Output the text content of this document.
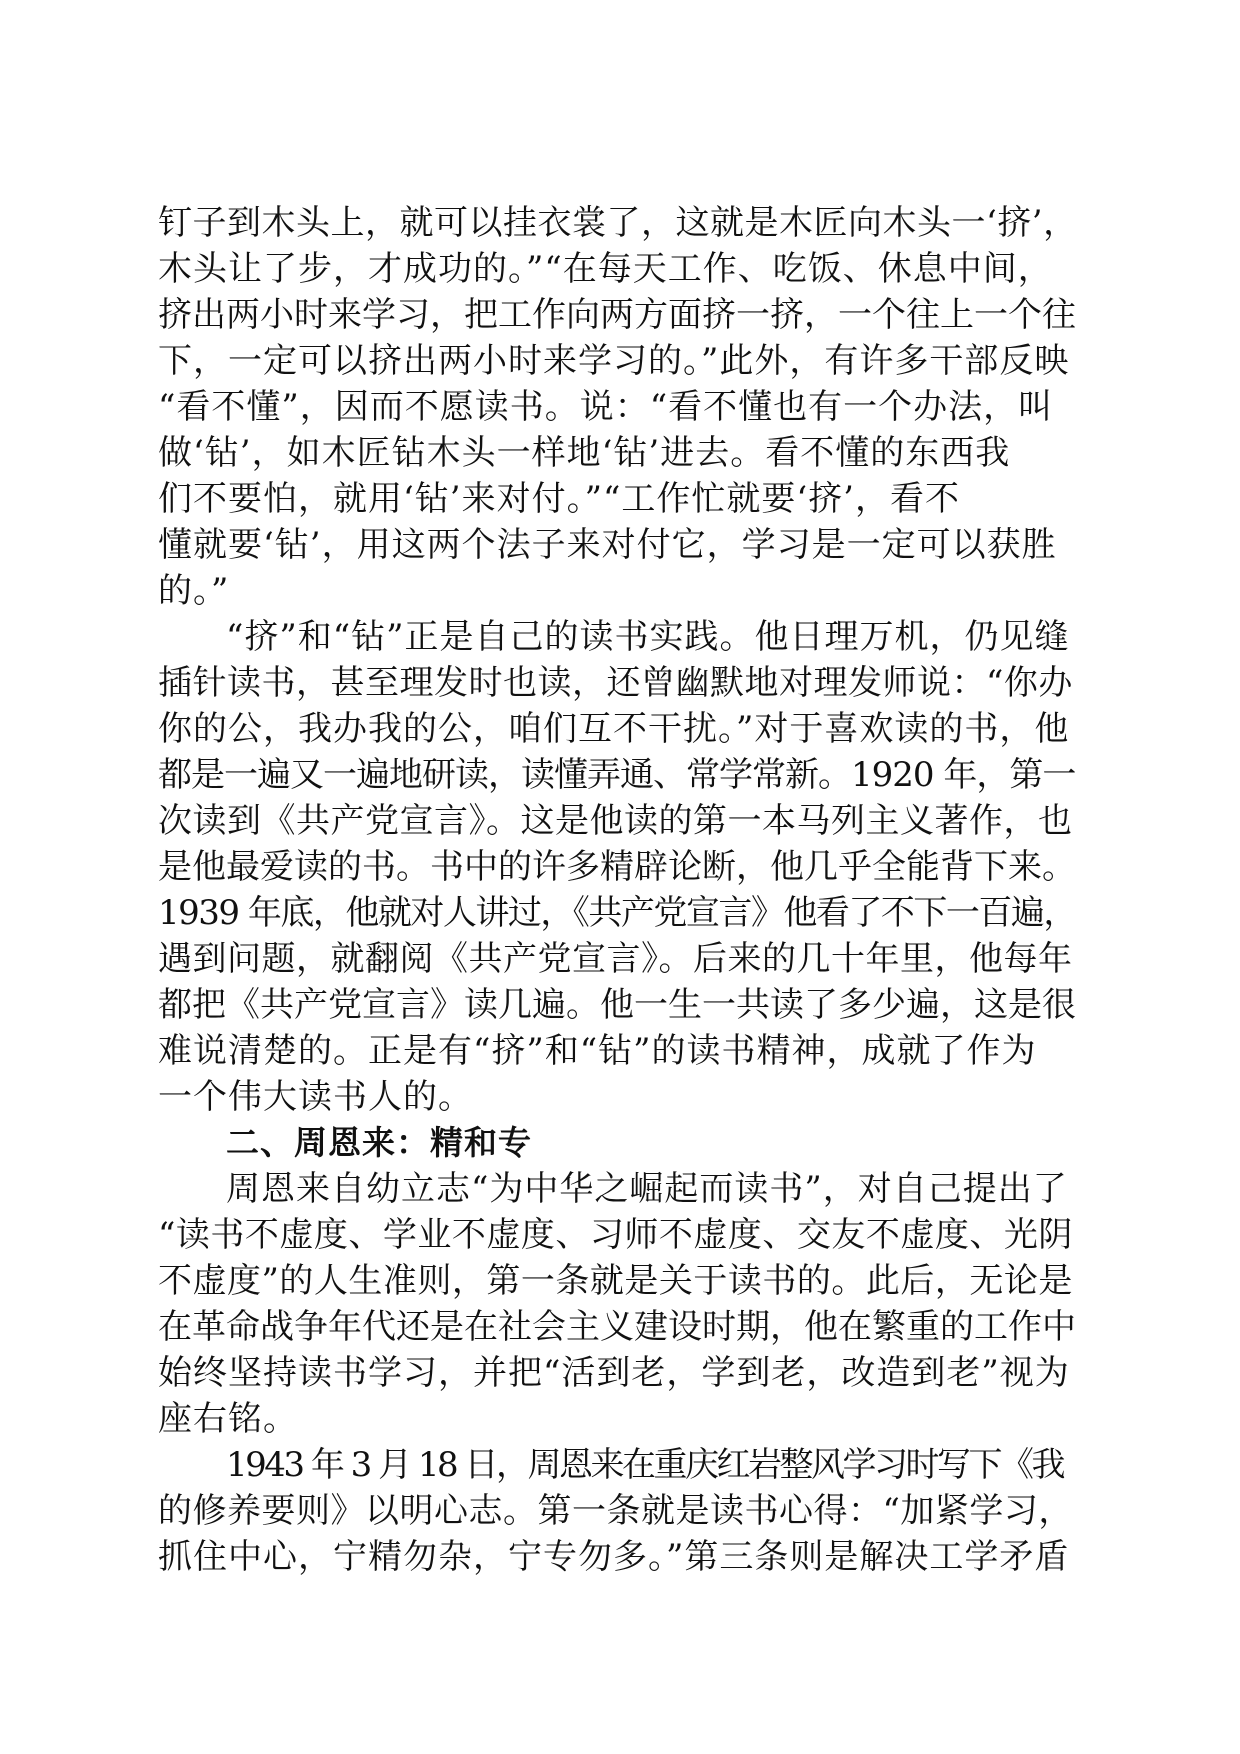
钉子到木头上，就可以挂衣裳了，这就是木匠向木头一‘挤’，
木头让了步，才成功的。”“在每天工作、吃饭、休息中间，
挤出两小时来学习，把工作向两方面挤一挤，一个往上一个往
下，一定可以挤出两小时来学习的。”此外，有许多干部反映
“看不懂”，因而不愿读书。说：“看不懂也有一个办法，叫
做‘钻’，如木匠钻木头一样地‘钻’进去。看不懂的东西我
们不要怕，就用‘钻’来对付。”“工作忙就要‘挤’，看不
懂就要‘钻’，用这两个法子来对付它，学习是一定可以获胜
的。”
“挤”和“钻”正是自己的读书实践。他日理万机，仍见缝
插针读书，甚至理发时也读，还曾幽默地对理发师说：“你办
你的公，我办我的公，咱们互不干扰。”对于喜欢读的书，他
都是一遍又一遍地研读，读懂弄通、常学常新。1920 年，第一
次读到《共产党宣言》。这是他读的第一本马列主义著作，也
是他最爱读的书。书中的许多精辟论断，他几乎全能背下来。
1939 年底，他就对人讲过，《共产党宣言》他看了不下一百遍，
遇到问题，就翻阅《共产党宣言》。后来的几十年里，他每年
都把《共产党宣言》读几遍。他一生一共读了多少遍，这是很
难说清楚的。正是有“挤”和“钻”的读书精神，成就了作为
一个伟大读书人的。
二、周恩来：精和专
周恩来自幼立志“为中华之崛起而读书”，对自己提出了
“读书不虚度、学业不虚度、习师不虚度、交友不虚度、光阴
不虚度”的人生准则，第一条就是关于读书的。此后，无论是
在革命战争年代还是在社会主义建设时期，他在繁重的工作中
始终坚持读书学习，并把“活到老，学到老，改造到老”视为
座右铭。
1943 年 3 月 18 日，周恩来在重庆红岩整风学习时写下《我
的修养要则》以明心志。第一条就是读书心得：“加紧学习，
抓住中心，宁精勿杂，宁专勿多。”第三条则是解决工学矛盾
